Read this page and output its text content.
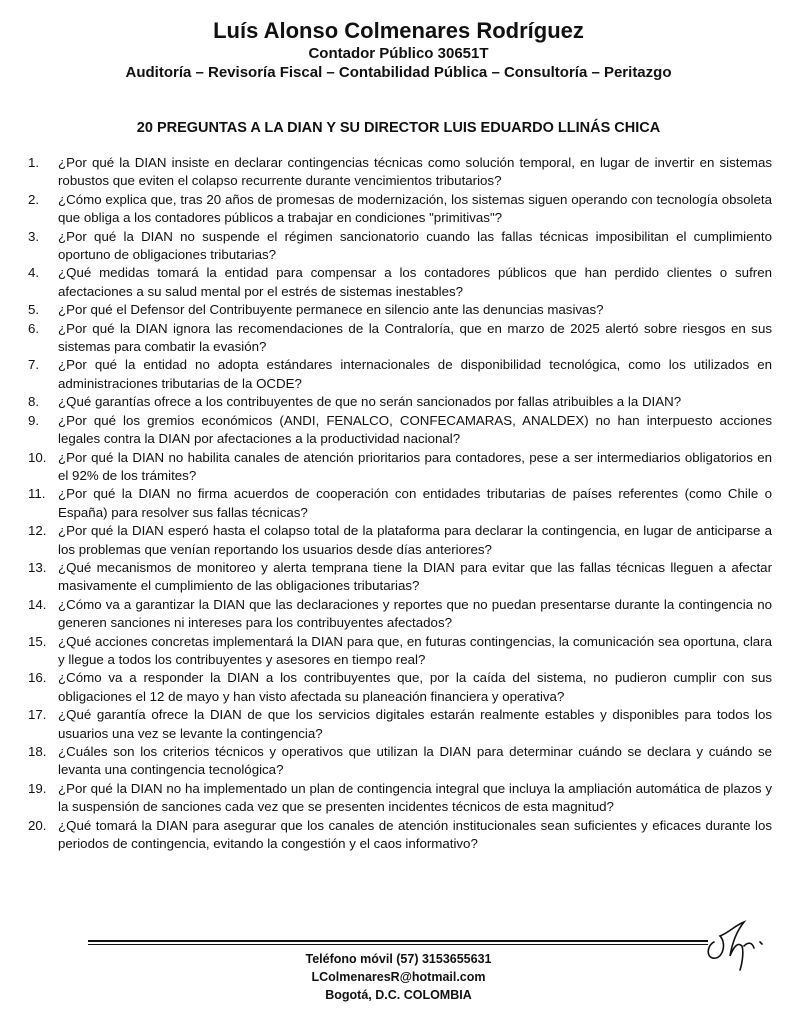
Luís Alonso Colmenares Rodríguez
Contador Público 30651T
Auditoría – Revisoría Fiscal – Contabilidad Pública – Consultoría – Peritazgo
20 PREGUNTAS A LA DIAN Y SU DIRECTOR LUIS EDUARDO LLINÁS CHICA
1.	¿Por qué la DIAN insiste en declarar contingencias técnicas como solución temporal, en lugar de invertir en sistemas robustos que eviten el colapso recurrente durante vencimientos tributarios?
2.	¿Cómo explica que, tras 20 años de promesas de modernización, los sistemas siguen operando con tecnología obsoleta que obliga a los contadores públicos a trabajar en condiciones "primitivas"?
3.	¿Por qué la DIAN no suspende el régimen sancionatorio cuando las fallas técnicas imposibilitan el cumplimiento oportuno de obligaciones tributarias?
4.	¿Qué medidas tomará la entidad para compensar a los contadores públicos que han perdido clientes o sufren afectaciones a su salud mental por el estrés de sistemas inestables?
5.	¿Por qué el Defensor del Contribuyente permanece en silencio ante las denuncias masivas?
6.	¿Por qué la DIAN ignora las recomendaciones de la Contraloría, que en marzo de 2025 alertó sobre riesgos en sus sistemas para combatir la evasión?
7.	¿Por qué la entidad no adopta estándares internacionales de disponibilidad tecnológica, como los utilizados en administraciones tributarias de la OCDE?
8.	¿Qué garantías ofrece a los contribuyentes de que no serán sancionados por fallas atribuibles a la DIAN?
9.	¿Por qué los gremios económicos (ANDI, FENALCO, CONFECAMARAS, ANALDEX) no han interpuesto acciones legales contra la DIAN por afectaciones a la productividad nacional?
10. ¿Por qué la DIAN no habilita canales de atención prioritarios para contadores, pese a ser intermediarios obligatorios en el 92% de los trámites?
11. ¿Por qué la DIAN no firma acuerdos de cooperación con entidades tributarias de países referentes (como Chile o España) para resolver sus fallas técnicas?
12. ¿Por qué la DIAN esperó hasta el colapso total de la plataforma para declarar la contingencia, en lugar de anticiparse a los problemas que venían reportando los usuarios desde días anteriores?
13. ¿Qué mecanismos de monitoreo y alerta temprana tiene la DIAN para evitar que las fallas técnicas lleguen a afectar masivamente el cumplimiento de las obligaciones tributarias?
14. ¿Cómo va a garantizar la DIAN que las declaraciones y reportes que no puedan presentarse durante la contingencia no generen sanciones ni intereses para los contribuyentes afectados?
15. ¿Qué acciones concretas implementará la DIAN para que, en futuras contingencias, la comunicación sea oportuna, clara y llegue a todos los contribuyentes y asesores en tiempo real?
16. ¿Cómo va a responder la DIAN a los contribuyentes que, por la caída del sistema, no pudieron cumplir con sus obligaciones el 12 de mayo y han visto afectada su planeación financiera y operativa?
17. ¿Qué garantía ofrece la DIAN de que los servicios digitales estarán realmente estables y disponibles para todos los usuarios una vez se levante la contingencia?
18. ¿Cuáles son los criterios técnicos y operativos que utilizan la DIAN para determinar cuándo se declara y cuándo se levanta una contingencia tecnológica?
19. ¿Por qué la DIAN no ha implementado un plan de contingencia integral que incluya la ampliación automática de plazos y la suspensión de sanciones cada vez que se presenten incidentes técnicos de esta magnitud?
20. ¿Qué tomará la DIAN para asegurar que los canales de atención institucionales sean suficientes y eficaces durante los periodos de contingencia, evitando la congestión y el caos informativo?
Teléfono móvil (57) 3153655631
LColmenaresR@hotmail.com
Bogotá, D.C. COLOMBIA
